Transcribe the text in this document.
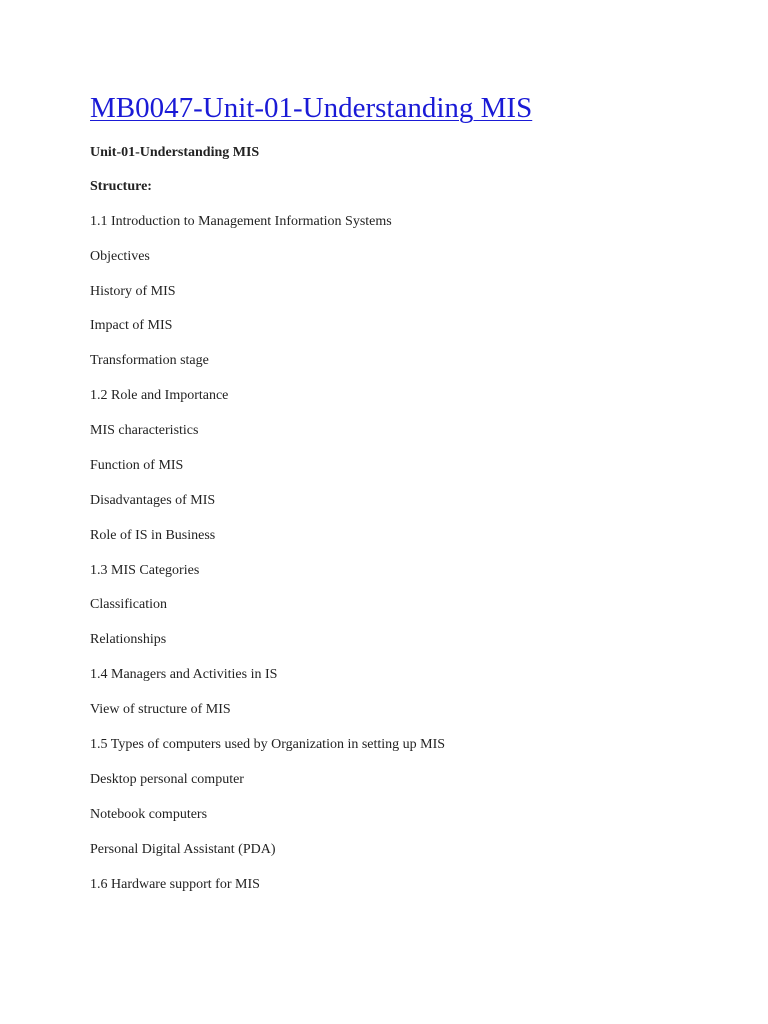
MB0047-Unit-01-Understanding MIS
Unit-01-Understanding MIS
Structure:
1.1 Introduction to Management Information Systems
Objectives
History of MIS
Impact of MIS
Transformation stage
1.2 Role and Importance
MIS characteristics
Function of MIS
Disadvantages of MIS
Role of IS in Business
1.3 MIS Categories
Classification
Relationships
1.4 Managers and Activities in IS
View of structure of MIS
1.5 Types of computers used by Organization in setting up MIS
Desktop personal computer
Notebook computers
Personal Digital Assistant (PDA)
1.6 Hardware support for MIS
